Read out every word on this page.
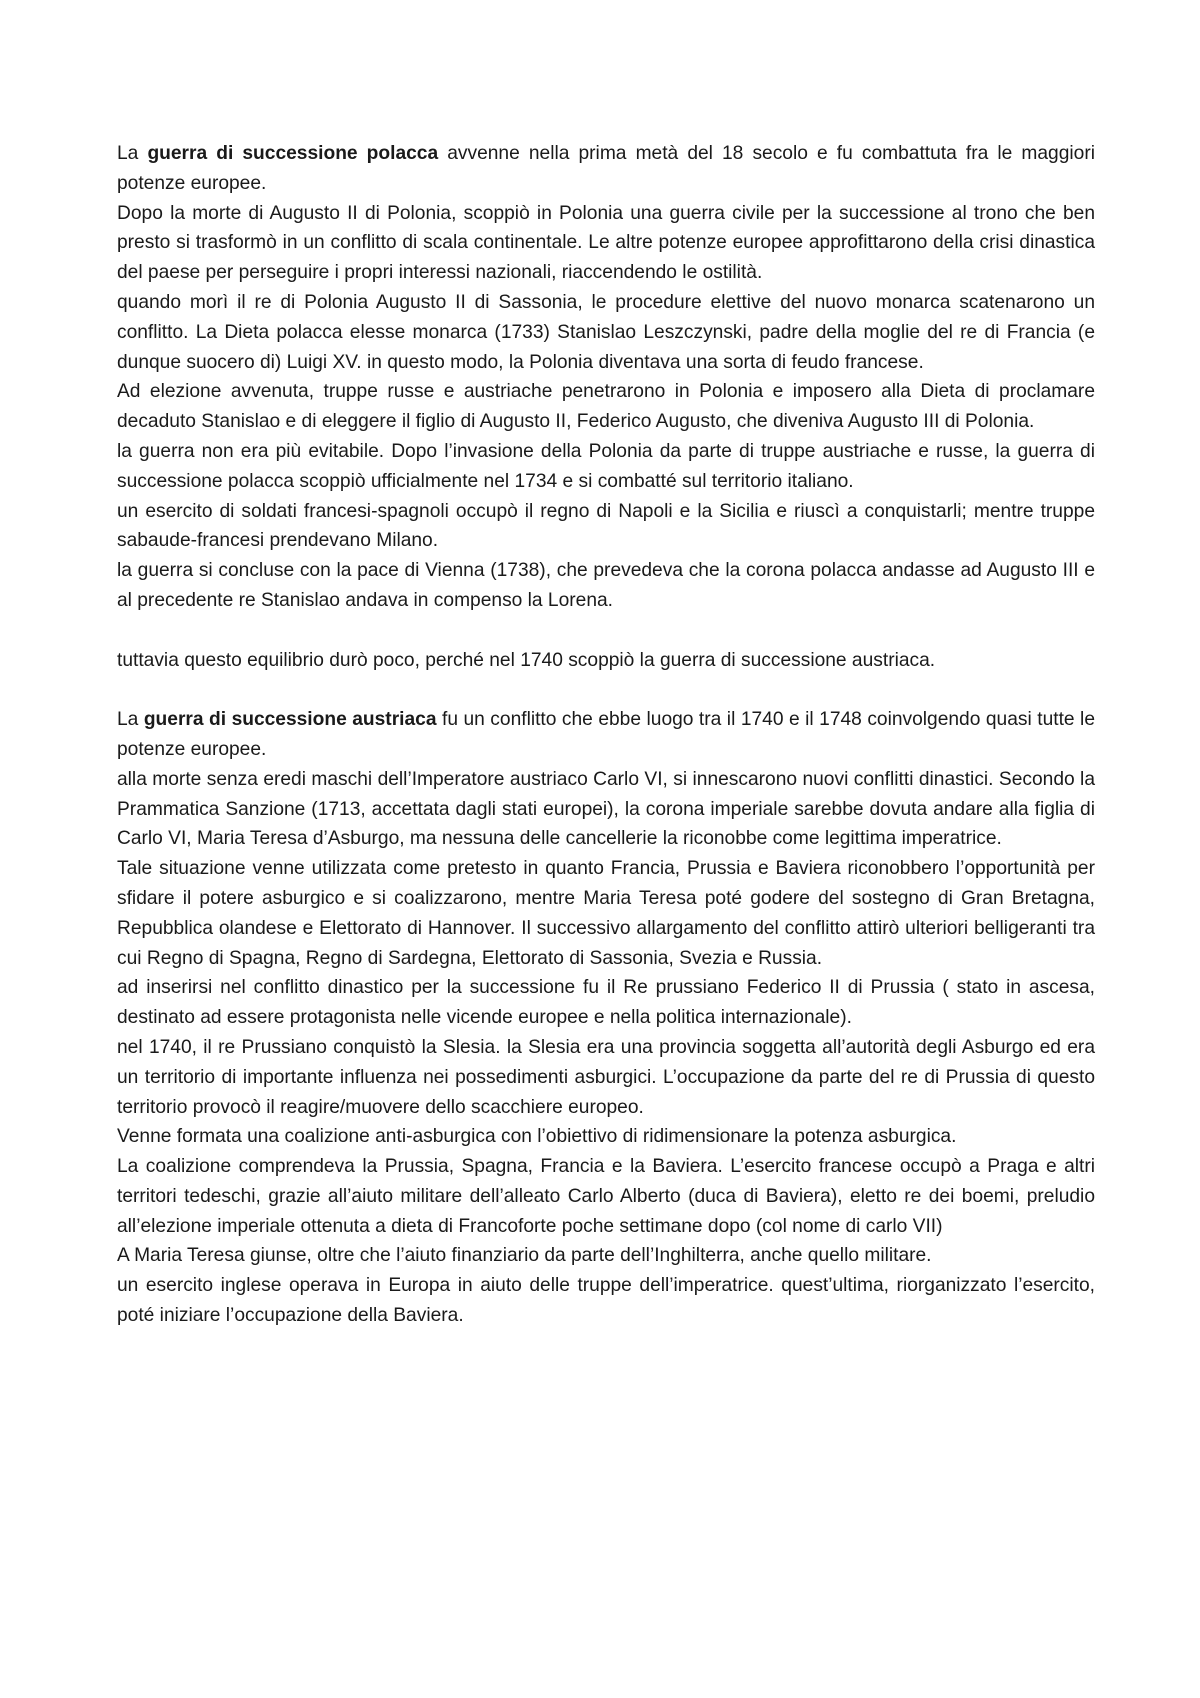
La guerra di successione polacca avvenne nella prima metà del 18 secolo e fu combattuta fra le maggiori potenze europee.

Dopo la morte di Augusto II di Polonia, scoppiò in Polonia una guerra civile per la successione al trono che ben presto si trasformò in un conflitto di scala continentale. Le altre potenze europee approfittarono della crisi dinastica del paese per perseguire i propri interessi nazionali, riaccendendo le ostilità.

quando morì il re di Polonia Augusto II di Sassonia, le procedure elettive del nuovo monarca scatenarono un conflitto. La Dieta polacca elesse monarca (1733) Stanislao Leszczynski, padre della moglie del re di Francia (e dunque suocero di) Luigi XV. in questo modo, la Polonia diventava una sorta di feudo francese.

Ad elezione avvenuta, truppe russe e austriache penetrarono in Polonia e imposero alla Dieta di proclamare decaduto Stanislao e di eleggere il figlio di Augusto II, Federico Augusto, che diveniva Augusto III di Polonia.

la guerra non era più evitabile. Dopo l’invasione della Polonia da parte di truppe austriache e russe, la guerra di successione polacca scoppiò ufficialmente nel 1734 e si combatté sul territorio italiano.

un esercito di soldati francesi-spagnoli occupò il regno di Napoli e la Sicilia e riuscì a conquistarli; mentre truppe sabaude-francesi prendevano Milano.

la guerra si concluse con la pace di Vienna (1738), che prevedeva che la corona polacca andasse ad Augusto III e al precedente re Stanislao andava in compenso la Lorena.

tuttavia questo equilibrio durò poco, perché nel 1740 scoppiò la guerra di successione austriaca.

La guerra di successione austriaca fu un conflitto che ebbe luogo tra il 1740 e il 1748 coinvolgendo quasi tutte le potenze europee.

alla morte senza eredi maschi dell’Imperatore austriaco Carlo VI, si innescarono nuovi conflitti dinastici. Secondo la Prammatica Sanzione (1713, accettata dagli stati europei), la corona imperiale sarebbe dovuta andare alla figlia di Carlo VI, Maria Teresa d’Asburgo, ma nessuna delle cancellerie la riconobbe come legittima imperatrice.

Tale situazione venne utilizzata come pretesto in quanto Francia, Prussia e Baviera riconobbero l’opportunità per sfidare il potere asburgico e si coalizzarono, mentre Maria Teresa poté godere del sostegno di Gran Bretagna, Repubblica olandese e Elettorato di Hannover. Il successivo allargamento del conflitto attirò ulteriori belligeranti tra cui Regno di Spagna, Regno di Sardegna, Elettorato di Sassonia, Svezia e Russia.

ad inserirsi nel conflitto dinastico per la successione fu il Re prussiano Federico II di Prussia ( stato in ascesa, destinato ad essere protagonista nelle vicende europee e nella politica internazionale).

nel 1740, il re Prussiano conquistò la Slesia. la Slesia era una provincia soggetta all’autorità degli Asburgo ed era un territorio di importante influenza nei possedimenti asburgici. L’occupazione da parte del re di Prussia di questo territorio provocò il reagire/muovere dello scacchiere europeo.

Venne formata una coalizione anti-asburgica con l’obiettivo di ridimensionare la potenza asburgica.

La coalizione comprendeva la Prussia, Spagna, Francia e la Baviera. L’esercito francese occupò a Praga e altri territori tedeschi, grazie all’aiuto militare dell’alleato Carlo Alberto (duca di Baviera), eletto re dei boemi, preludio all’elezione imperiale ottenuta a dieta di Francoforte poche settimane dopo (col nome di carlo VII)

A Maria Teresa giunse, oltre che l’aiuto finanziario da parte dell’Inghilterra, anche quello militare.

un esercito inglese operava in Europa in aiuto delle truppe dell’imperatrice. quest’ultima, riorganizzato l’esercito, poté iniziare l’occupazione della Baviera.
